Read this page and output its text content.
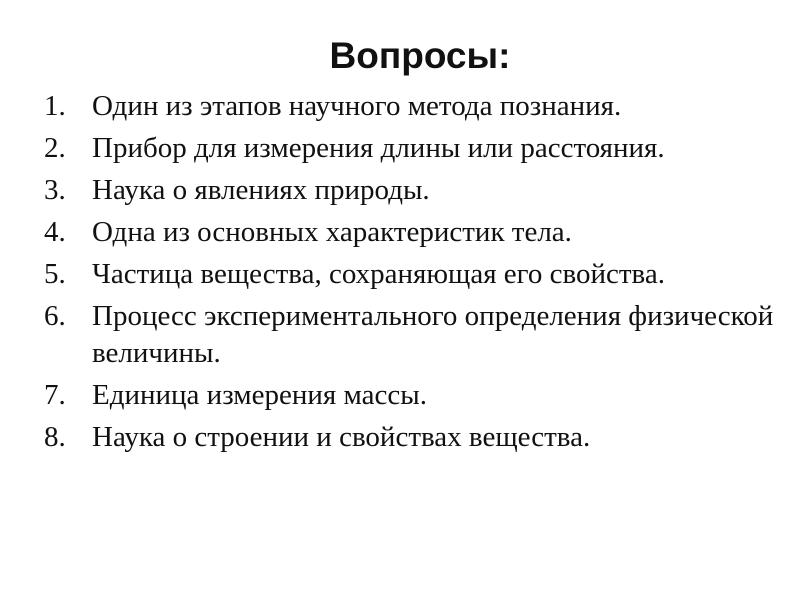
Вопросы:
1. Один из этапов научного метода познания.
2. Прибор для измерения длины или расстояния.
3. Наука о явлениях природы.
4. Одна из основных характеристик тела.
5. Частица вещества, сохраняющая его свойства.
6. Процесс экспериментального определения физической величины.
7. Единица измерения массы.
8. Наука о строении и свойствах вещества.
